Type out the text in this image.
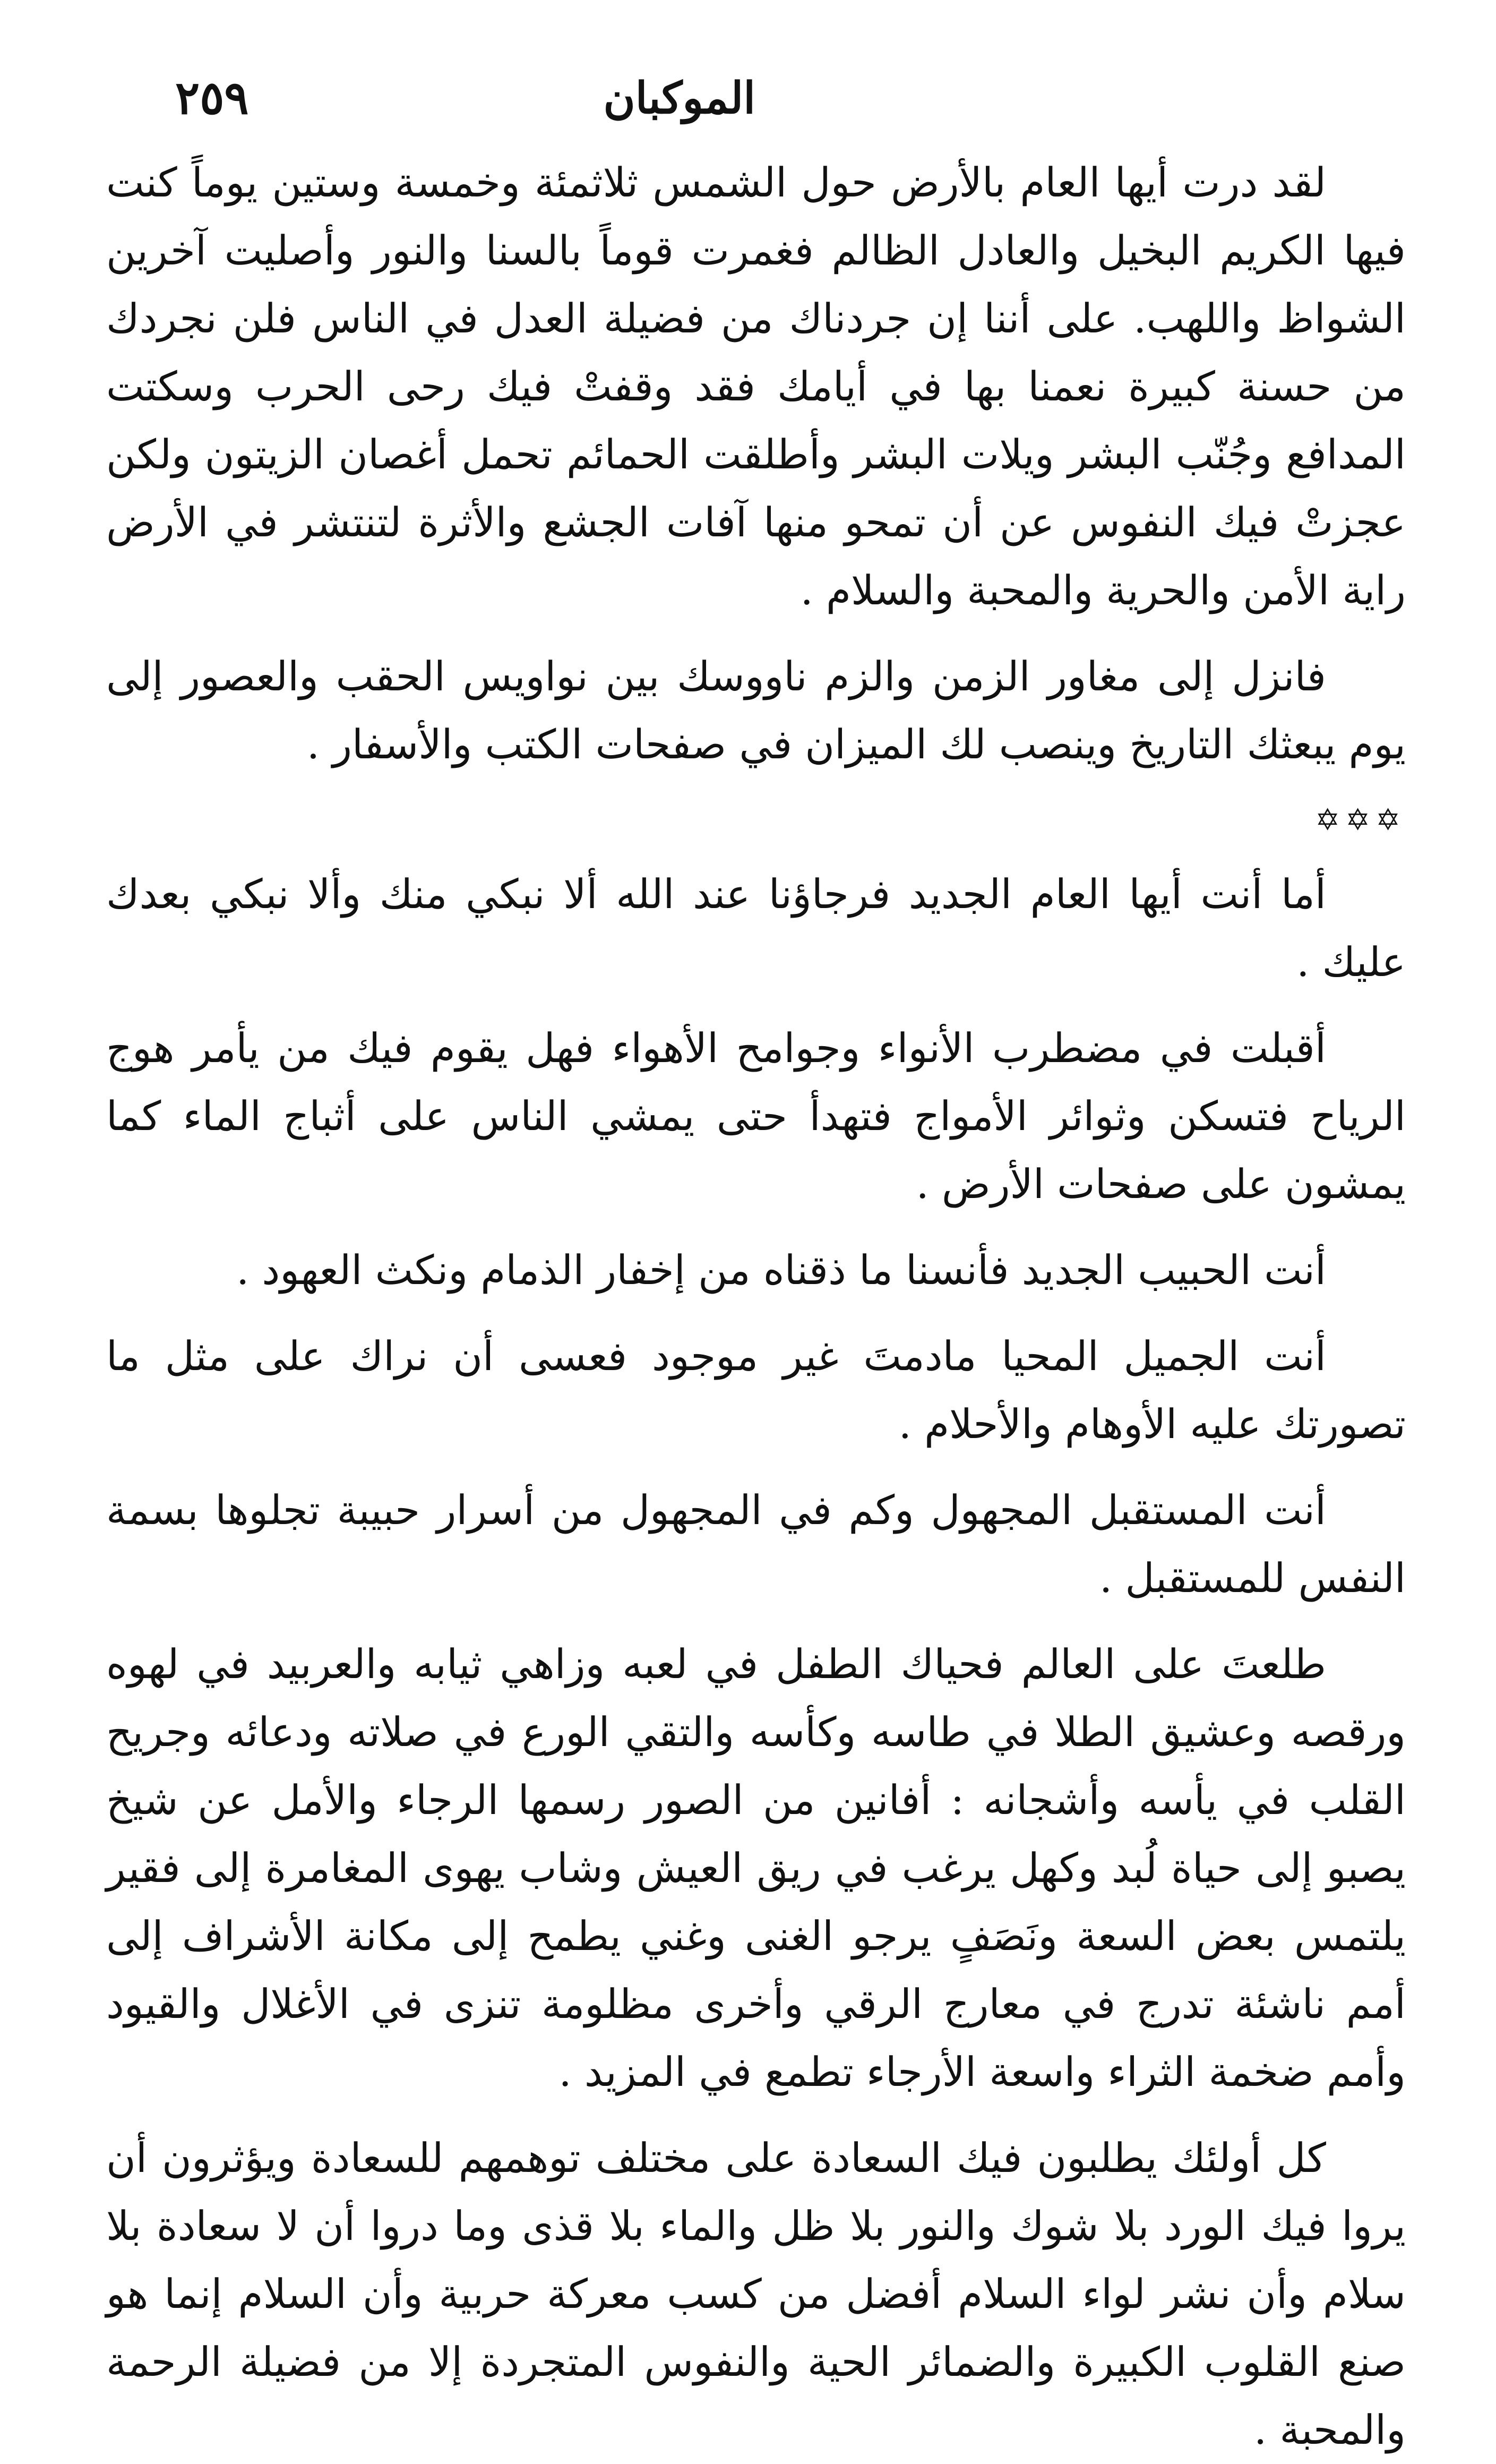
الموكبان
٢٥٩

لقد درت أيها العام بالأرض حول الشمس ثلاثمئة وخمسة وستين يوماً كنت فيها الكريم البخيل والعادل الظالم فغمرت قوماً بالسنا والنور وأصليت آخرين الشواظ واللهب. على أننا إن جردناك من فضيلة العدل في الناس فلن نجردك من حسنة كبيرة نعمنا بها في أيامك فقد وقفتْ فيك رحى الحرب وسكتت المدافع وجُنّب البشر ويلات البشر وأطلقت الحمائم تحمل أغصان الزيتون ولكن عجزتْ فيك النفوس عن أن تمحو منها آفات الجشع والأثرة لتنتشر في الأرض راية الأمن والحرية والمحبة والسلام .

فانزل إلى مغاور الزمن والزم ناووسك بين نواويس الحقب والعصور إلى يوم يبعثك التاريخ وينصب لك الميزان في صفحات الكتب والأسفار .

✡✡✡

أما أنت أيها العام الجديد فرجاؤنا عند الله ألا نبكي منك وألا نبكي بعدك عليك .

أقبلت في مضطرب الأنواء وجوامح الأهواء فهل يقوم فيك من يأمر هوج الرياح فتسكن وثوائر الأمواج فتهدأ حتى يمشي الناس على أثباج الماء كما يمشون على صفحات الأرض .

أنت الحبيب الجديد فأنسنا ما ذقناه من إخفار الذمام ونكث العهود .

أنت الجميل المحيا مادمتَ غير موجود فعسى أن نراك على مثل ما تصورتك عليه الأوهام والأحلام .

أنت المستقبل المجهول وكم في المجهول من أسرار حبيبة تجلوها بسمة النفس للمستقبل .

طلعتَ على العالم فحياك الطفل في لعبه وزاهي ثيابه والعربيد في لهوه ورقصه وعشيق الطلا في طاسه وكأسه والتقي الورع في صلاته ودعائه وجريح القلب في يأسه وأشجانه : أفانين من الصور رسمها الرجاء والأمل عن شيخ يصبو إلى حياة لُبد وكهل يرغب في ريق العيش وشاب يهوى المغامرة إلى فقير يلتمس بعض السعة ونَصَفٍ يرجو الغنى وغني يطمح إلى مكانة الأشراف إلى أمم ناشئة تدرج في معارج الرقي وأخرى مظلومة تنزى في الأغلال والقيود وأمم ضخمة الثراء واسعة الأرجاء تطمع في المزيد .

كل أولئك يطلبون فيك السعادة على مختلف توهمهم للسعادة ويؤثرون أن يروا فيك الورد بلا شوك والنور بلا ظل والماء بلا قذى وما دروا أن لا سعادة بلا سلام وأن نشر لواء السلام أفضل من كسب معركة حربية وأن السلام إنما هو صنع القلوب الكبيرة والضمائر الحية والنفوس المتجردة إلا من فضيلة الرحمة والمحبة .
